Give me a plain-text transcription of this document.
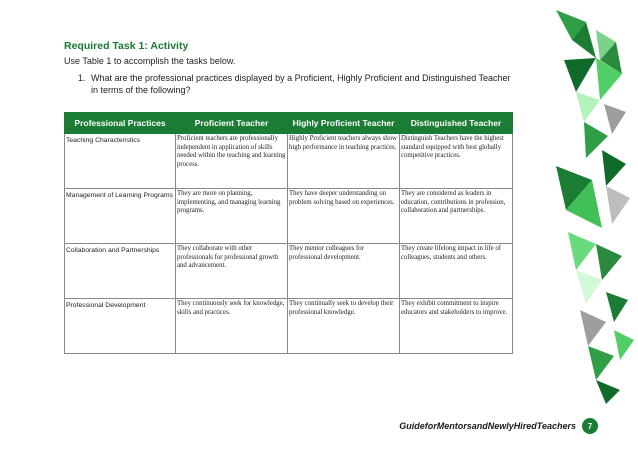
Required Task 1: Activity
Use Table 1 to accomplish the tasks below.
1. What are the professional practices displayed by a Proficient, Highly Proficient and Distinguished Teacher in terms of the following?
Professional Practices	Proficient Teacher	Highly Proficient Teacher	Distinguished Teacher
Teaching Characteristics	Proficient teachers are professionally independent in application of skills needed within the teaching and learning process.	Highly Proficient teachers always show high performance in teaching practices.	Distinguish Teachers have the highest standard equipped with best globally competitive practices.
Management of Learning Programs	They are more on planning, implementing, and managing learning programs.	They have deeper understanding on problem solving based on experiences.	They are considered as leaders in education, contributions in profession, collaboration and partnerships.
Collaboration and Partnerships	They collaborate with other professionals for professional growth and advancement.	They mentor colleagues for professional development.	They create lifelong impact in life of colleagues, students and others.
Professional Development	They continuously seek for knowledge, skills and practices.	They continually seek to develop their professional knowledge.	They exhibit commitment to inspire educators and stakeholders to improve.
GuideforMentorsandNewlyHiredTeachers	7
